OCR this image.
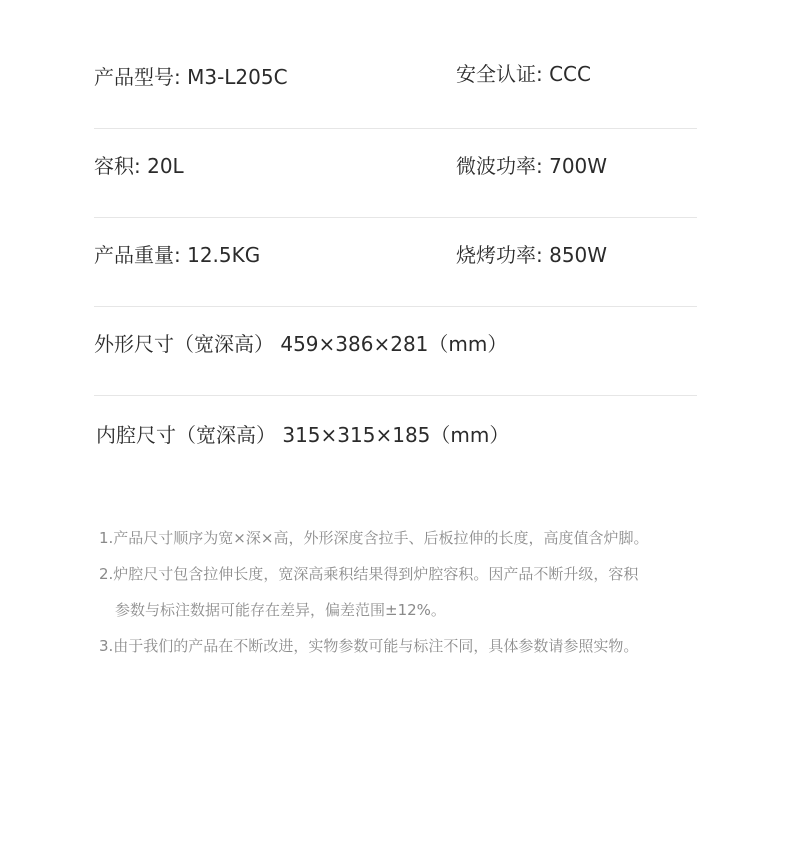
产品型号: M3-L205C	安全认证: CCC
容积: 20L	微波功率: 700W
产品重量: 12.5KG	烧烤功率: 850W
外形尺寸（宽深高） 459×386×281（mm）
内腔尺寸（宽深高） 315×315×185（mm）
1.产品尺寸顺序为宽×深×高，外形深度含拉手、后板拉伸的长度，高度值含炉脚。
2.炉腔尺寸包含拉伸长度，宽深高乘积结果得到炉腔容积。因产品不断升级，容积
参数与标注数据可能存在差异，偏差范围±12%。
3.由于我们的产品在不断改进，实物参数可能与标注不同，具体参数请参照实物。
